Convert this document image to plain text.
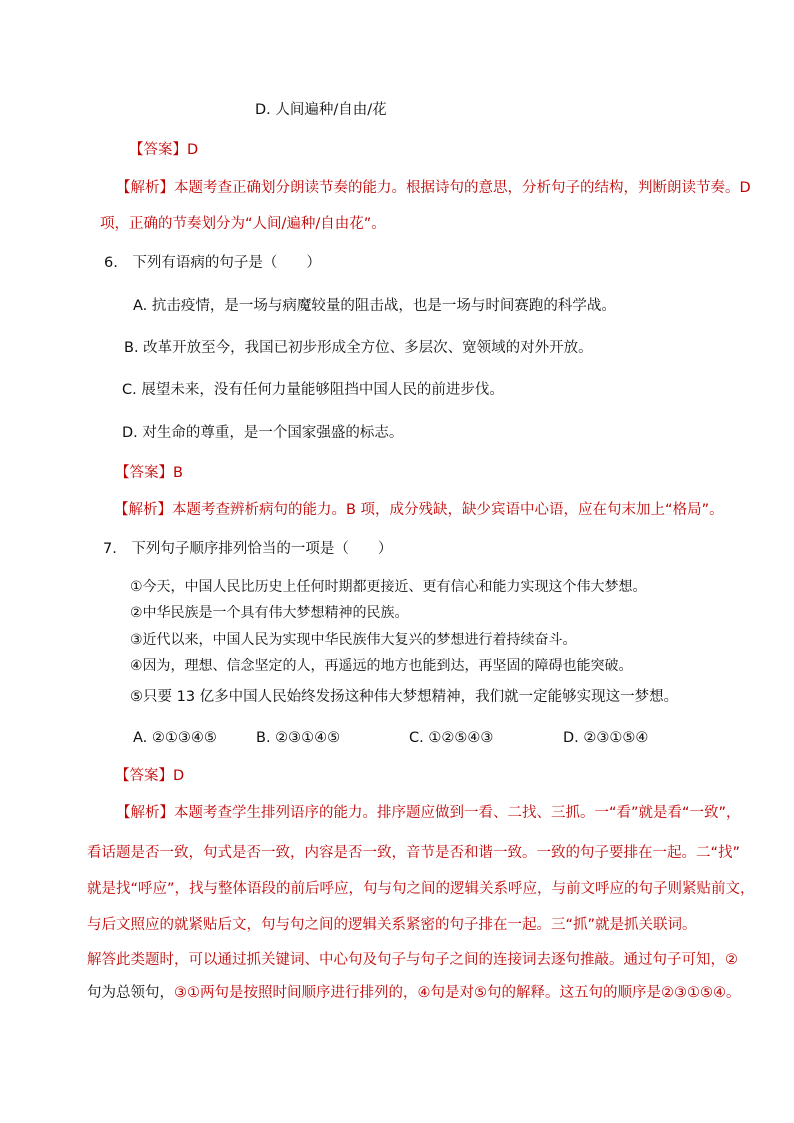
D. 人间遍种/自由/花
【答案】D
【解析】本题考查正确划分朗读节奏的能力。根据诗句的意思，分析句子的结构，判断朗读节奏。D
项，正确的节奏划分为“人间/遍种/自由花”。
6.　下列有语病的句子是（　　）
A. 抗击疫情，是一场与病魔较量的阻击战，也是一场与时间赛跑的科学战。
B. 改革开放至今，我国已初步形成全方位、多层次、宽领域的对外开放。
C. 展望未来，没有任何力量能够阻挡中国人民的前进步伐。
D. 对生命的尊重，是一个国家强盛的标志。
【答案】B
【解析】本题考查辨析病句的能力。B 项，成分残缺，缺少宾语中心语，应在句末加上“格局”。
7.　下列句子顺序排列恰当的一项是（　　）
①今天，中国人民比历史上任何时期都更接近、更有信心和能力实现这个伟大梦想。
②中华民族是一个具有伟大梦想精神的民族。
③近代以来，中国人民为实现中华民族伟大复兴的梦想进行着持续奋斗。
④因为，理想、信念坚定的人，再遥远的地方也能到达，再坚固的障碍也能突破。
⑤只要 13 亿多中国人民始终发扬这种伟大梦想精神，我们就一定能够实现这一梦想。
A. ②①③④⑤	B. ②③①④⑤	C. ①②⑤④③	D. ②③①⑤④
【答案】D
【解析】本题考查学生排列语序的能力。排序题应做到一看、二找、三抓。一“看”就是看“一致”，
看话题是否一致，句式是否一致，内容是否一致，音节是否和谐一致。一致的句子要排在一起。二“找”
就是找“呼应”，找与整体语段的前后呼应，句与句之间的逻辑关系呼应，与前文呼应的句子则紧贴前文，
与后文照应的就紧贴后文，句与句之间的逻辑关系紧密的句子排在一起。三“抓”就是抓关联词。
解答此类题时，可以通过抓关键词、中心句及句子与句子之间的连接词去逐句推敲。通过句子可知，②
句为总领句，③①两句是按照时间顺序进行排列的，④句是对⑤句的解释。这五句的顺序是②③①⑤④。
